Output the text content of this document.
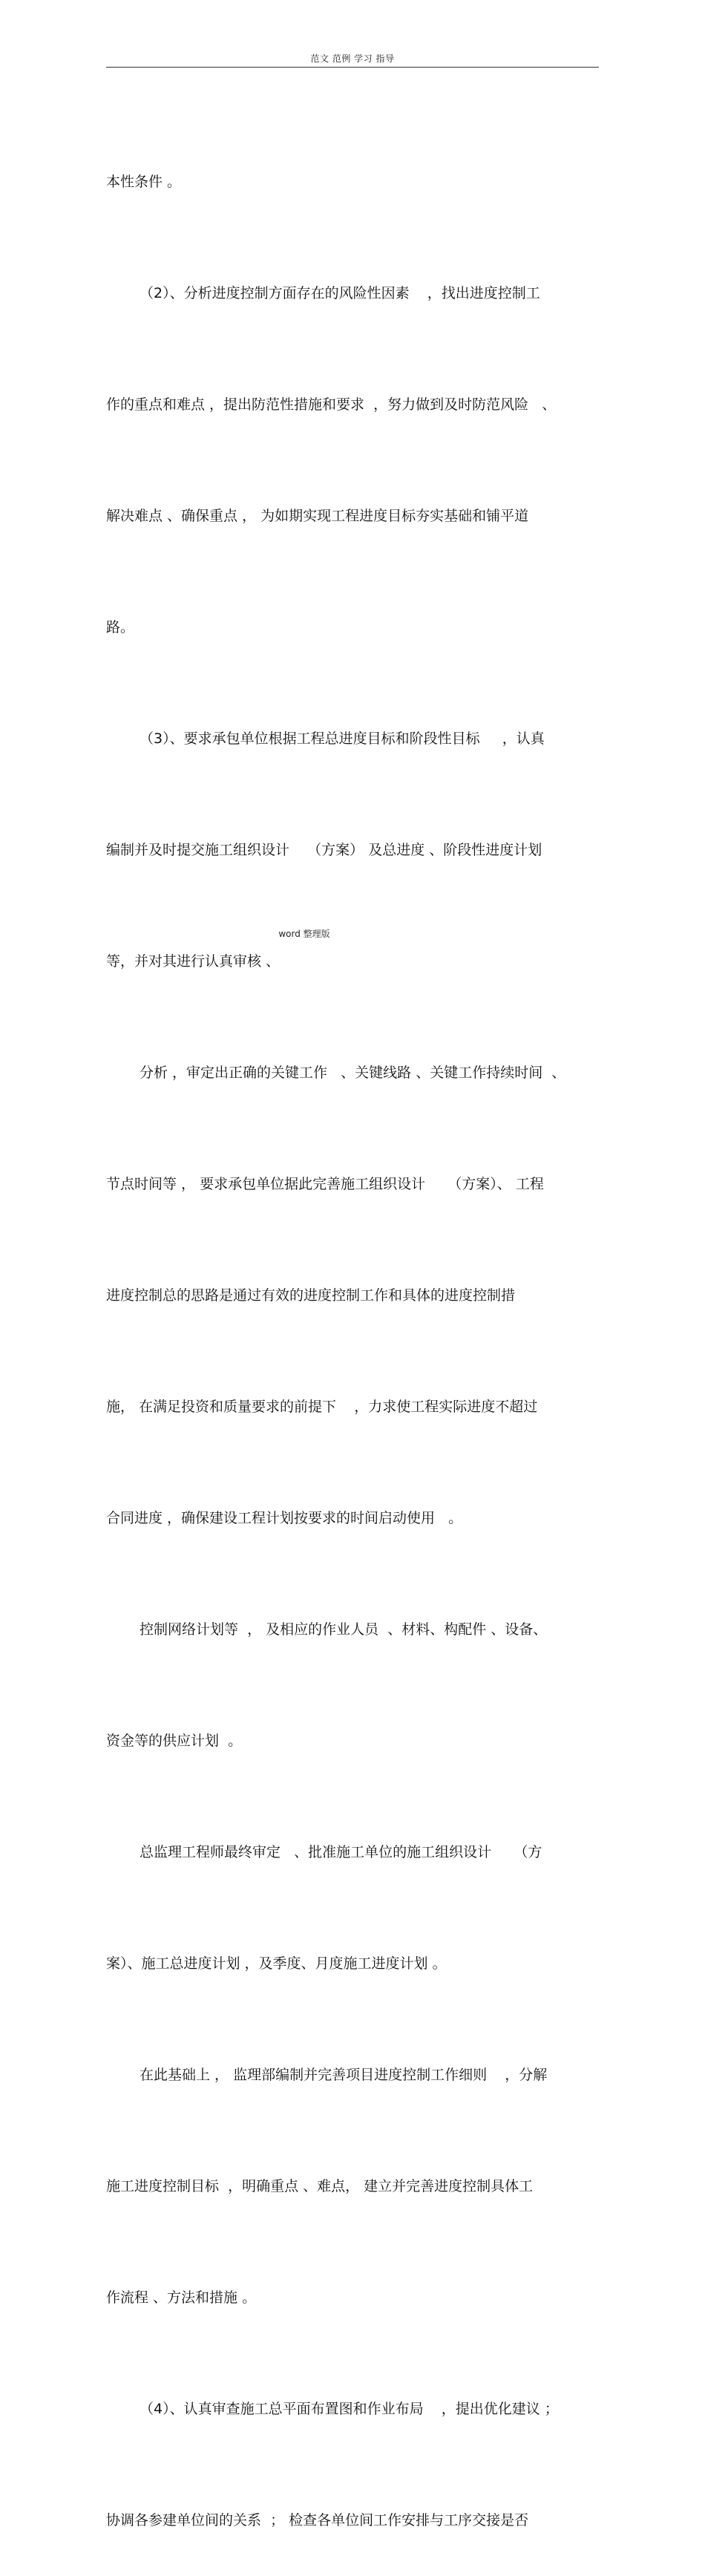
范文 范例 学习 指导

本性条件 。

（2）、分析进度控制方面存在的风险性因素    ，找出进度控制工

作的重点和难点 ，提出防范性措施和要求  ，努力做到及时防范风险   、

解决难点 、确保重点 ， 为如期实现工程进度目标夯实基础和铺平道

路。

（3）、要求承包单位根据工程总进度目标和阶段性目标     ，认真

编制并及时提交施工组织设计    （方案） 及总进度 、阶段性进度计划

等，并对其进行认真审核 、

分析 ，审定出正确的关键工作   、关键线路 、关键工作持续时间  、

节点时间等 ， 要求承包单位据此完善施工组织设计     （方案）、 工程

进度控制总的思路是通过有效的进度控制工作和具体的进度控制措

施， 在满足投资和质量要求的前提下    ，力求使工程实际进度不超过

合同进度 ，确保建设工程计划按要求的时间启动使用   。

控制网络计划等  ， 及相应的作业人员  、材料、构配件 、设备、

资金等的供应计划  。

总监理工程师最终审定   、批准施工单位的施工组织设计     （方

案）、施工总进度计划 ，及季度、月度施工进度计划 。

在此基础上 ， 监理部编制并完善项目进度控制工作细则    ，分解

施工进度控制目标  ，明确重点 、难点， 建立并完善进度控制具体工

作流程 、方法和措施 。

（4）、认真审查施工总平面布置图和作业布局    ，提出优化建议 ；

协调各参建单位间的关系  ； 检查各单位间工作安排与工序交接是否

word 整理版
